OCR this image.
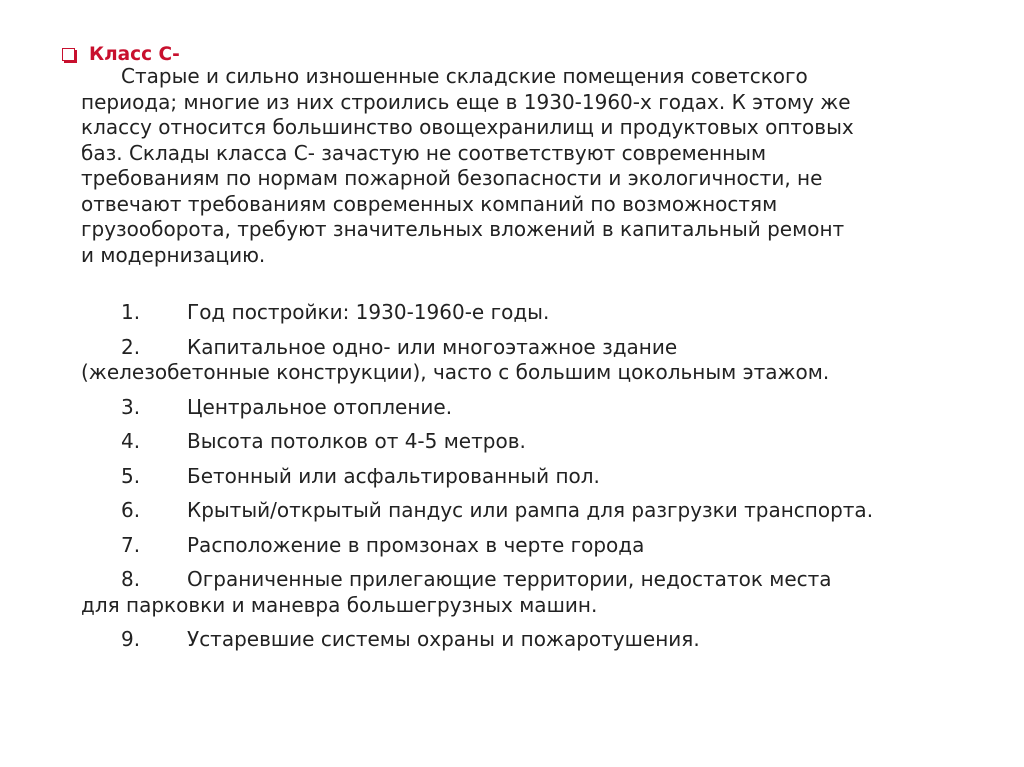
Класс С-
Старые и сильно изношенные складские помещения советского
периода; многие из них строились еще в 1930-1960-х годах. К этому же
классу относится большинство овощехранилищ и продуктовых оптовых
баз. Склады класса С- зачастую не соответствуют современным
требованиям по нормам пожарной безопасности и экологичности, не
отвечают требованиям современных компаний по возможностям
грузооборота, требуют значительных вложений в капитальный ремонт
и модернизацию.
1. Год постройки: 1930-1960-е годы.
2. Капитальное одно- или многоэтажное здание
(железобетонные конструкции), часто с большим цокольным этажом.
3. Центральное отопление.
4. Высота потолков от 4-5 метров.
5. Бетонный или асфальтированный пол.
6. Крытый/открытый пандус или рампа для разгрузки транспорта.
7. Расположение в промзонах в черте города
8. Ограниченные прилегающие территории, недостаток места
для парковки и маневра большегрузных машин.
9. Устаревшие системы охраны и пожаротушения.
